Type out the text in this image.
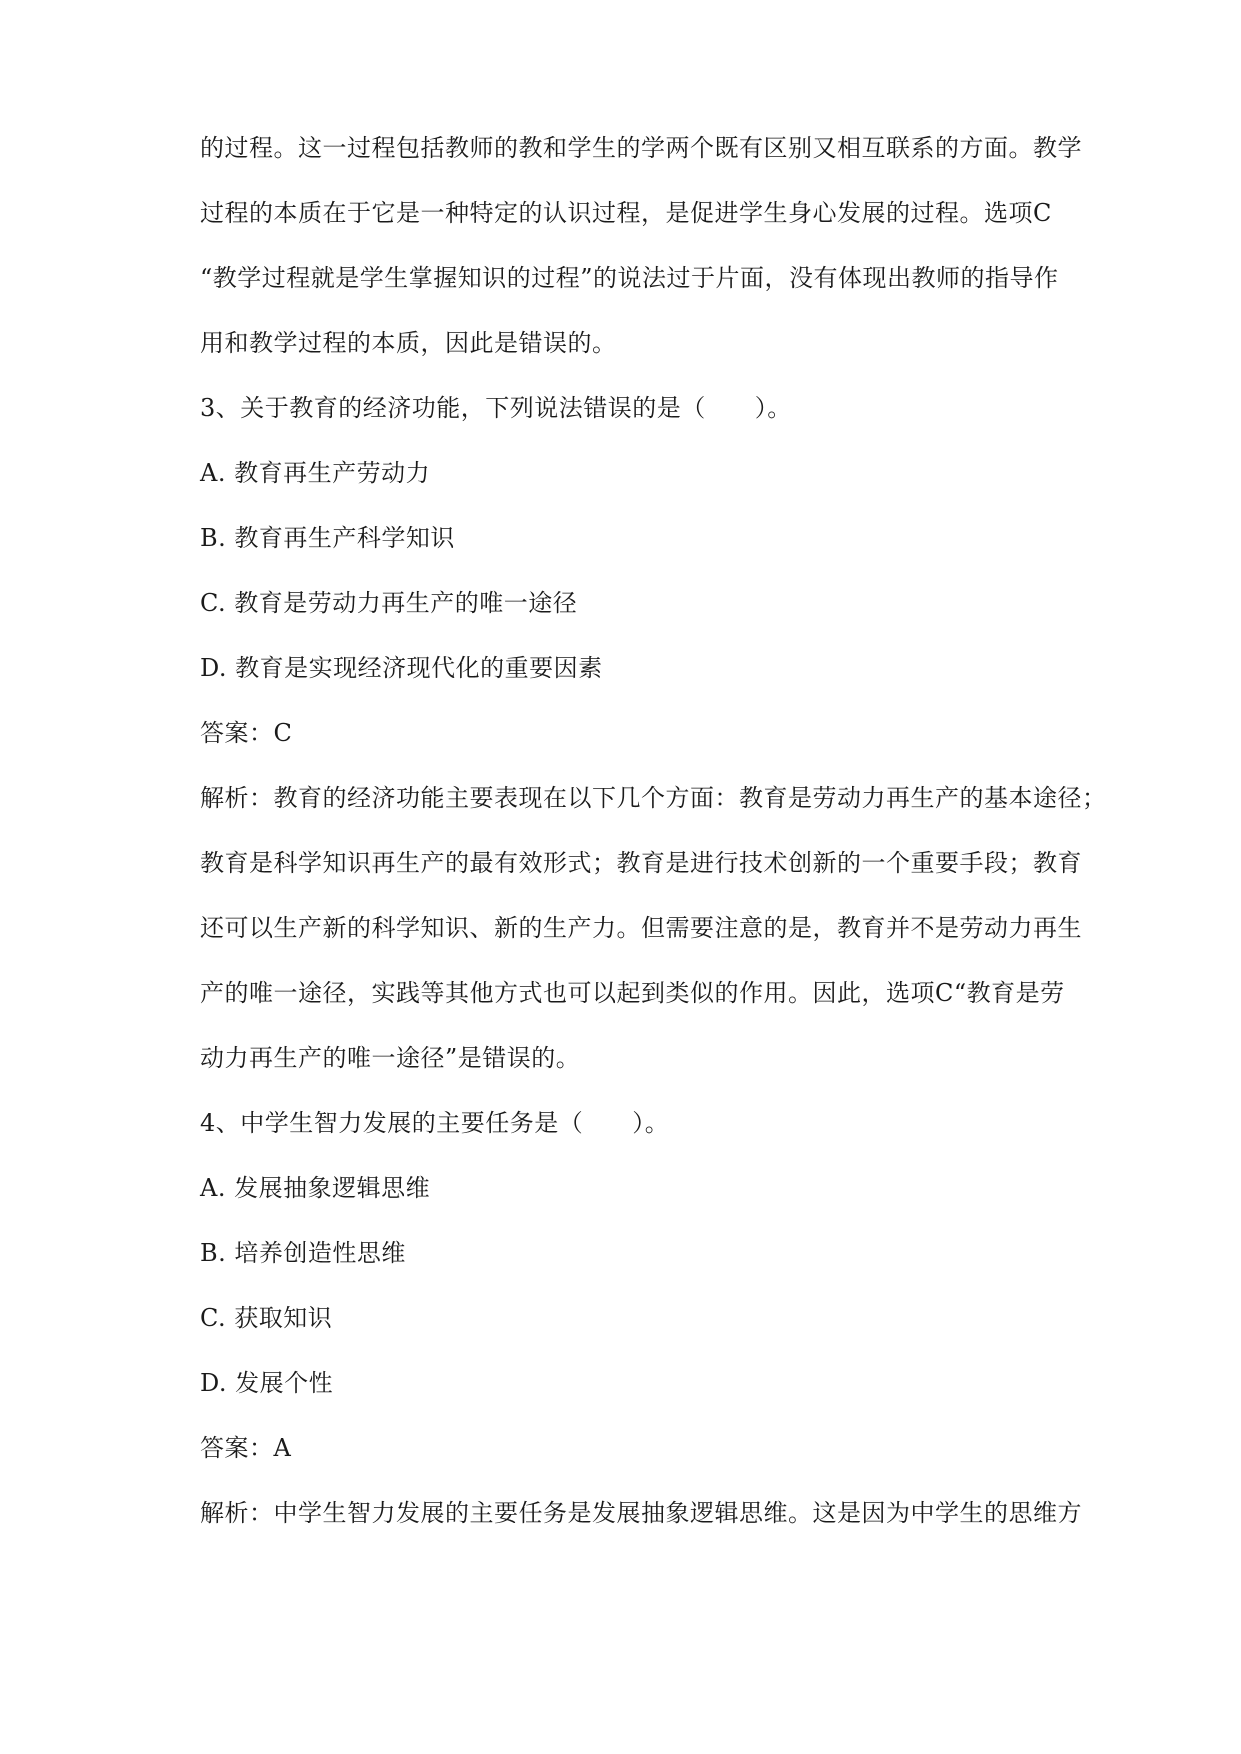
的过程。这一过程包括教师的教和学生的学两个既有区别又相互联系的方面。教学
过程的本质在于它是一种特定的认识过程，是促进学生身心发展的过程。选项C
“教学过程就是学生掌握知识的过程”的说法过于片面，没有体现出教师的指导作
用和教学过程的本质，因此是错误的。
3、关于教育的经济功能，下列说法错误的是（　　）。
A. 教育再生产劳动力
B. 教育再生产科学知识
C. 教育是劳动力再生产的唯一途径
D. 教育是实现经济现代化的重要因素
答案：C
解析：教育的经济功能主要表现在以下几个方面：教育是劳动力再生产的基本途径；
教育是科学知识再生产的最有效形式；教育是进行技术创新的一个重要手段；教育
还可以生产新的科学知识、新的生产力。但需要注意的是，教育并不是劳动力再生
产的唯一途径，实践等其他方式也可以起到类似的作用。因此，选项C“教育是劳
动力再生产的唯一途径”是错误的。
4、中学生智力发展的主要任务是（　　）。
A. 发展抽象逻辑思维
B. 培养创造性思维
C. 获取知识
D. 发展个性
答案：A
解析：中学生智力发展的主要任务是发展抽象逻辑思维。这是因为中学生的思维方
